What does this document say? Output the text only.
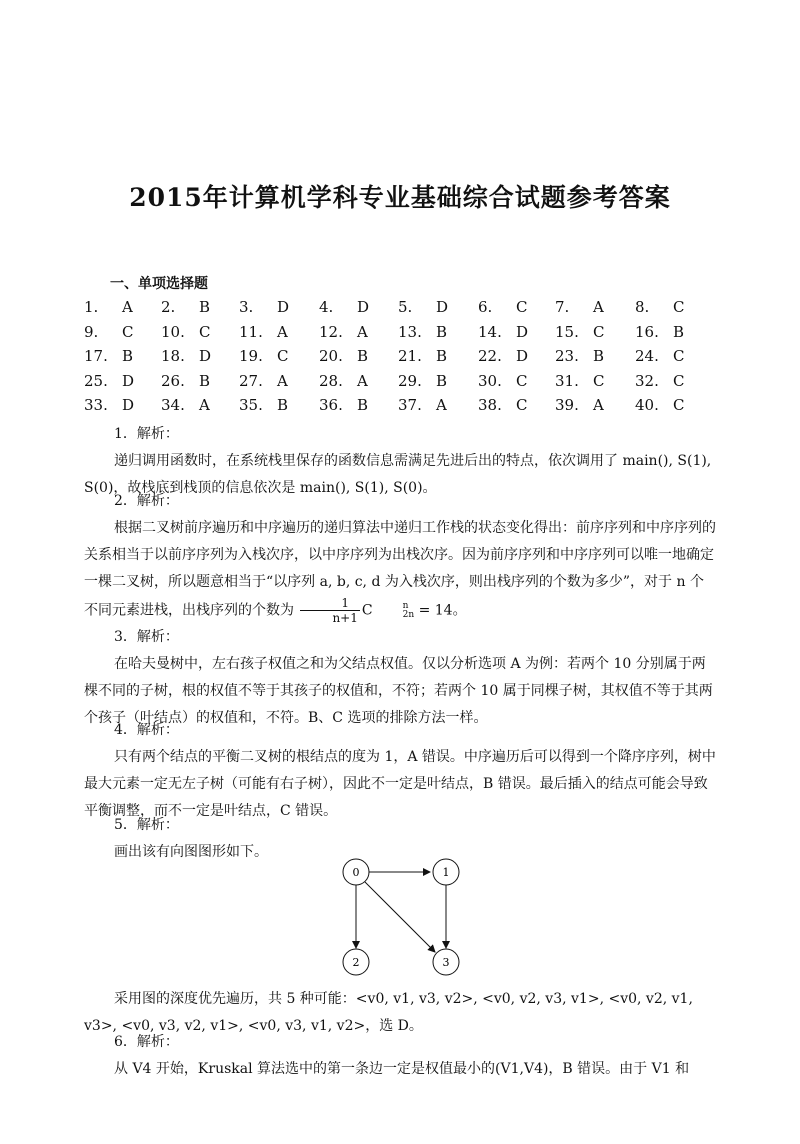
2015年计算机学科专业基础综合试题参考答案
一、单项选择题
1. A 2. B 3. D 4. D 5. D 6. C 7. A 8. C
9. C 10. C 11. A 12. A 13. B 14. D 15. C 16. B
17. B 18. D 19. C 20. B 21. B 22. D 23. B 24. C
25. D 26. B 27. A 28. A 29. B 30. C 31. C 32. C
33. D 34. A 35. B 36. B 37. A 38. C 39. A 40. C
1．解析：
递归调用函数时，在系统栈里保存的函数信息需满足先进后出的特点，依次调用了 main(), S(1), S(0)，故栈底到栈顶的信息依次是 main(), S(1), S(0)。
2．解析：
根据二叉树前序遍历和中序遍历的递归算法中递归工作栈的状态变化得出：前序序列和中序序列的关系相当于以前序序列为入栈次序，以中序序列为出栈次序。因为前序序列和中序序列可以唯一地确定一棵二叉树，所以题意相当于“以序列 a, b, c, d 为入栈次序，则出栈序列的个数为多少”，对于 n 个不同元素进栈，出栈序列的个数为 $\frac{1}{n+1}$ C	n
2n = 14。
3．解析：
在哈夫曼树中，左右孩子权值之和为父结点权值。仅以分析选项 A 为例：若两个 10 分别属于两棵不同的子树，根的权值不等于其孩子的权值和，不符；若两个 10 属于同棵子树，其权值不等于其两个孩子（叶结点）的权值和，不符。B、C 选项的排除方法一样。
4．解析：
只有两个结点的平衡二叉树的根结点的度为 1，A 错误。中序遍历后可以得到一个降序序列，树中最大元素一定无左子树（可能有右子树），因此不一定是叶结点，B 错误。最后插入的结点可能会导致平衡调整，而不一定是叶结点，C 错误。
5．解析：
画出该有向图图形如下。
0	1
2	3
采用图的深度优先遍历，共 5 种可能：<v0, v1, v3, v2>, <v0, v2, v3, v1>, <v0, v2, v1, v3>, <v0, v3, v2, v1>, <v0, v3, v1, v2>，选 D。
6．解析：
从 V4 开始，Kruskal 算法选中的第一条边一定是权值最小的(V1,V4)，B 错误。由于 V1 和
